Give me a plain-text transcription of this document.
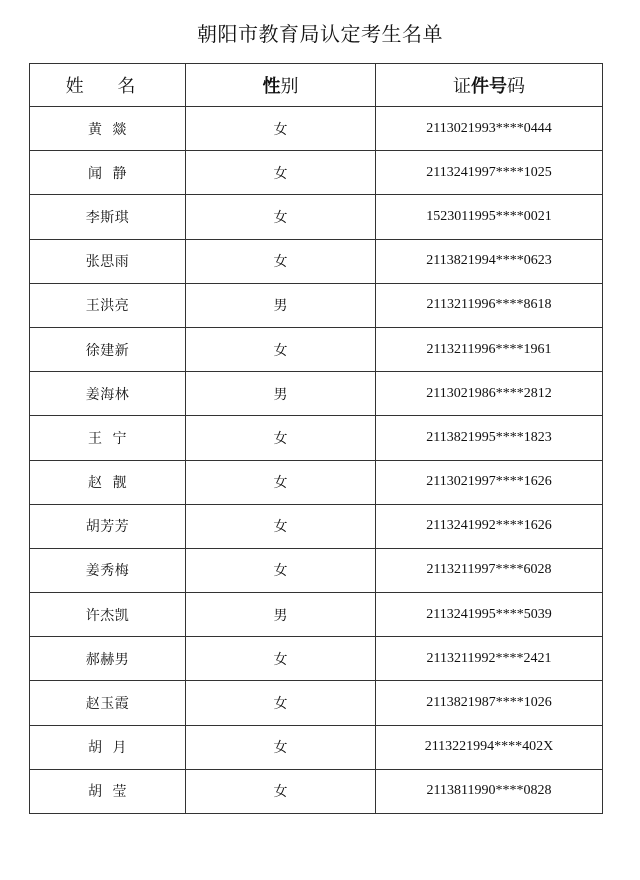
朝阳市教育局认定考生名单
姓 名	性别	证件号码
黄  燚	女	2113021993****0444
闻  静	女	2113241997****1025
李斯琪	女	1523011995****0021
张思雨	女	2113821994****0623
王洪亮	男	2113211996****8618
徐建新	女	2113211996****1961
姜海林	男	2113021986****2812
王  宁	女	2113821995****1823
赵  靓	女	2113021997****1626
胡芳芳	女	2113241992****1626
姜秀梅	女	2113211997****6028
许杰凯	男	2113241995****5039
郝赫男	女	2113211992****2421
赵玉霞	女	2113821987****1026
胡  月	女	2113221994****402X
胡  莹	女	2113811990****0828
